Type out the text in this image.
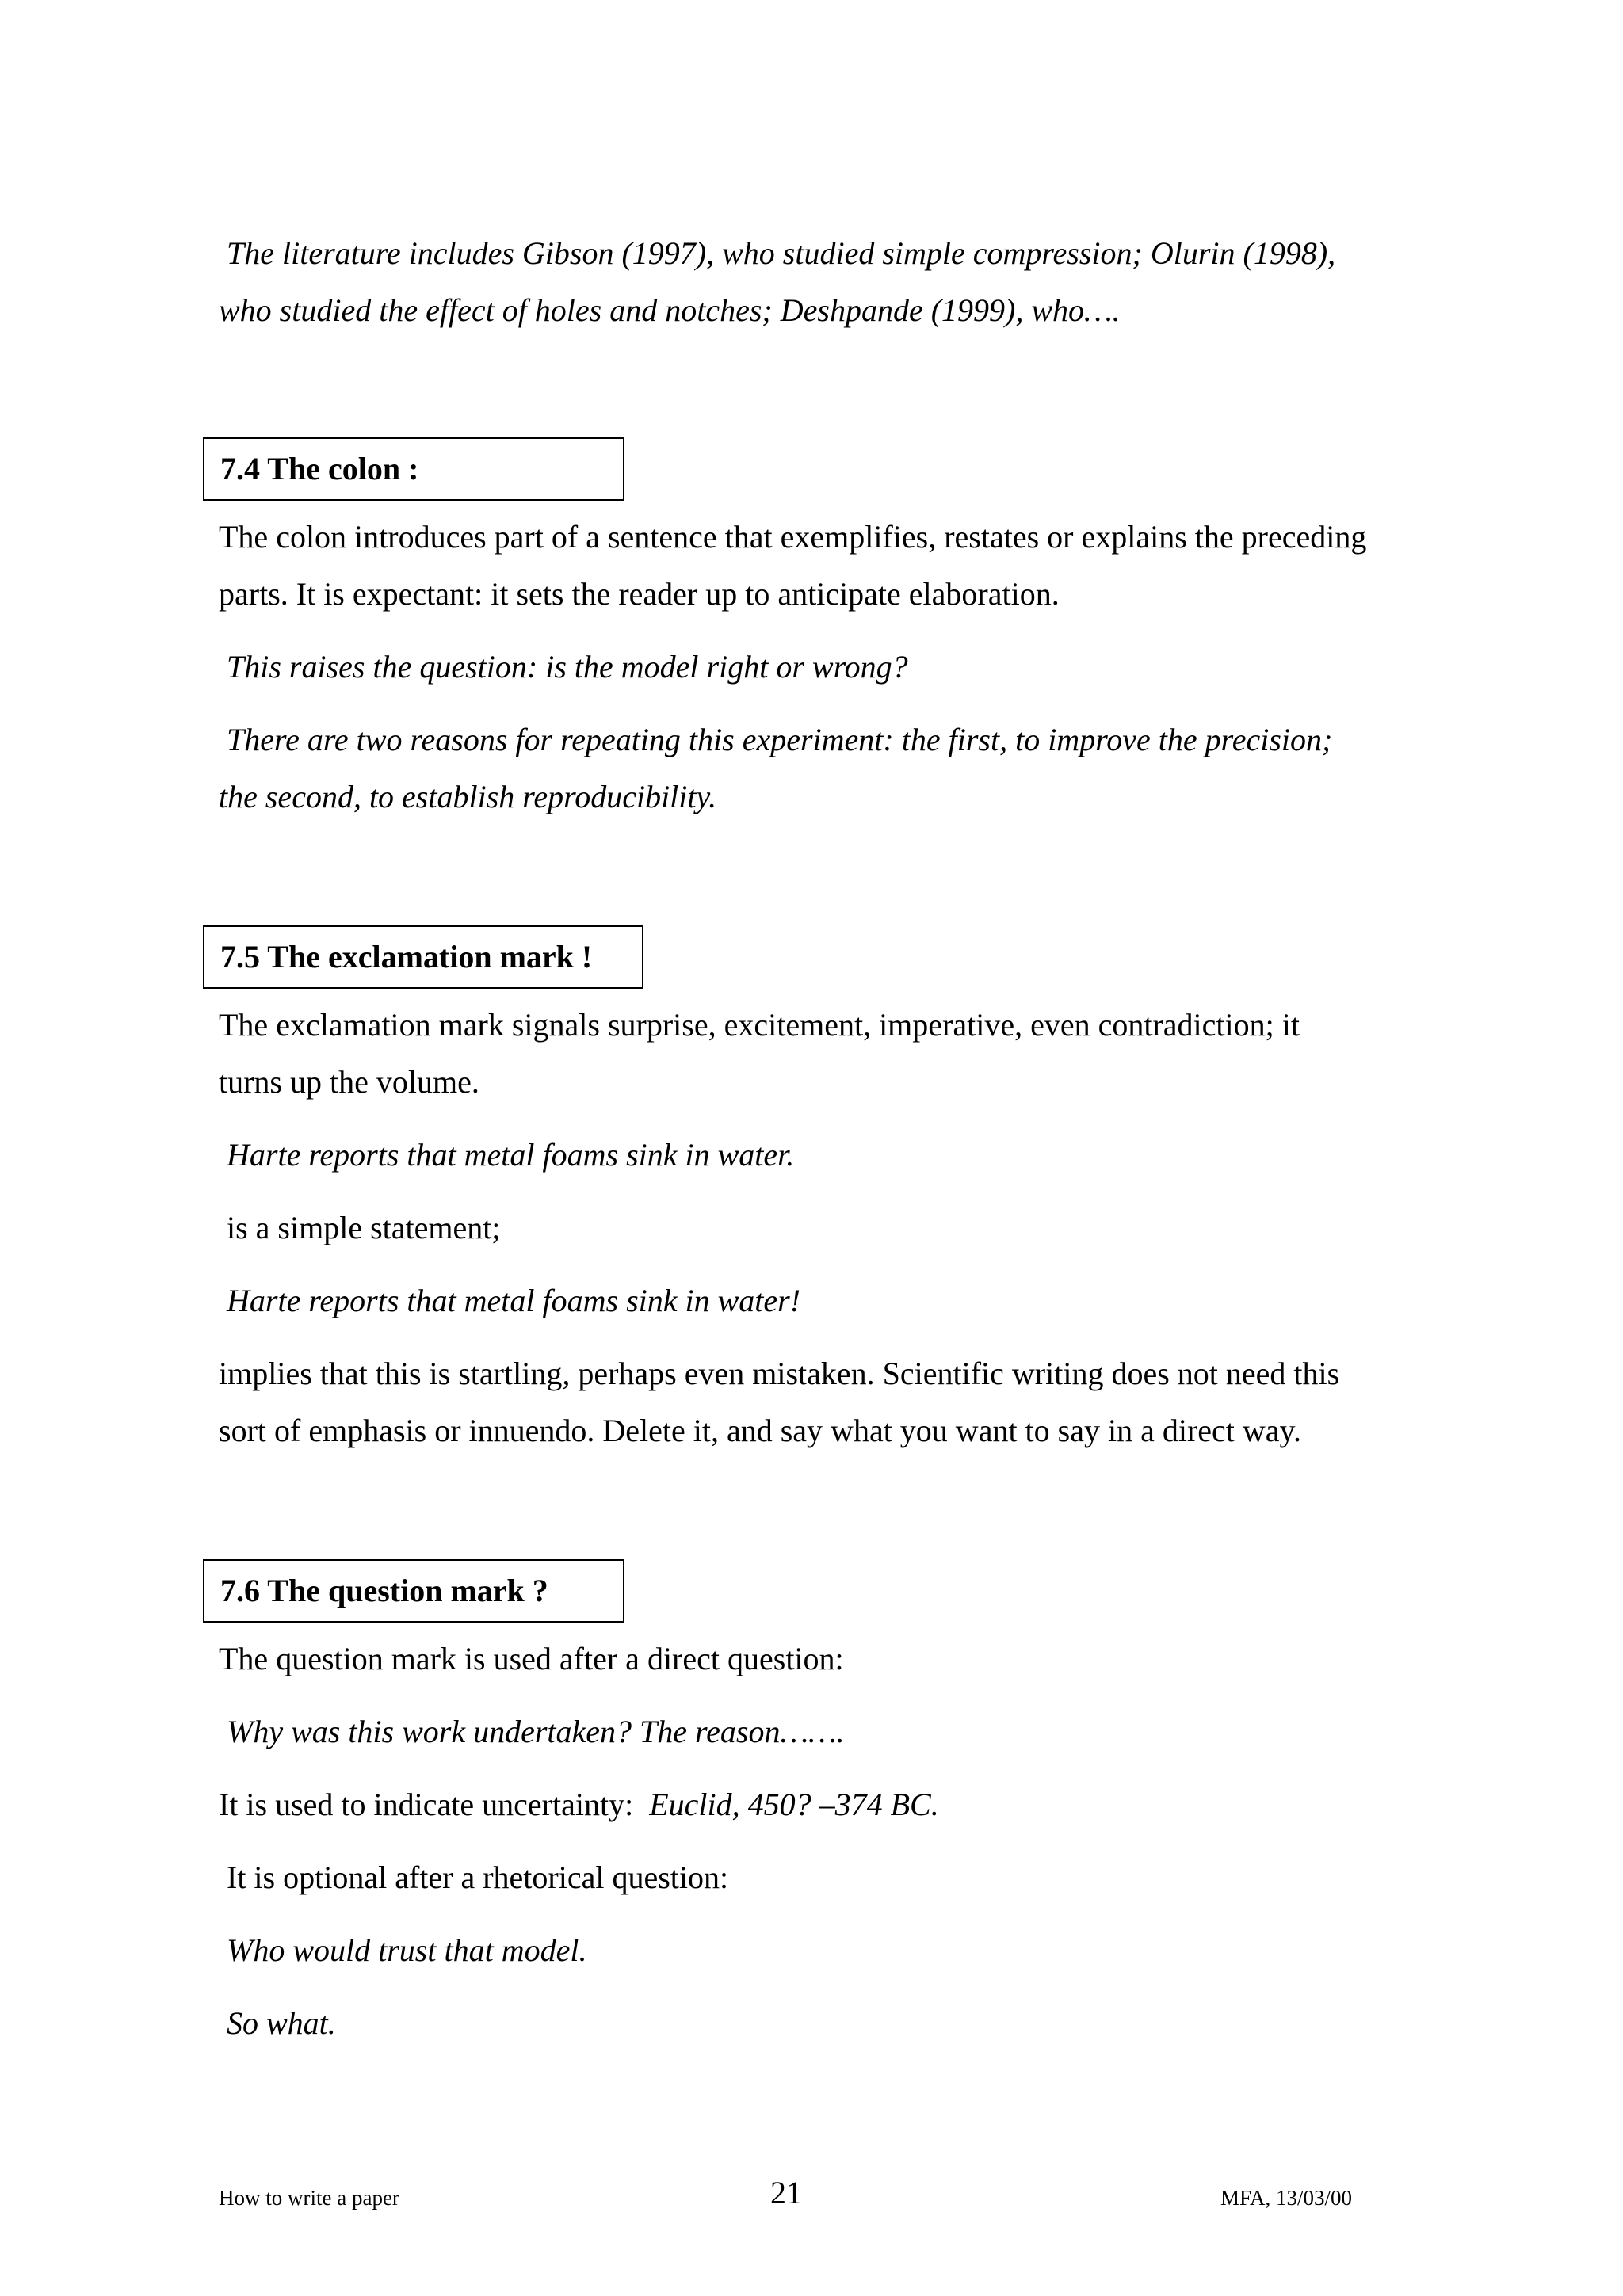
The literature includes Gibson (1997), who studied simple compression; Olurin (1998),

who studied the effect of holes and notches; Deshpande (1999), who….

7.4 The colon :

The colon introduces part of a sentence that exemplifies, restates or explains the preceding

parts. It is expectant: it sets the reader up to anticipate elaboration.

This raises the question: is the model right or wrong?

There are two reasons for repeating this experiment: the first, to improve the precision;

the second, to establish reproducibility.

7.5 The exclamation mark !

The exclamation mark signals surprise, excitement, imperative, even contradiction; it

turns up the volume.

Harte reports that metal foams sink in water.

is a simple statement;

Harte reports that metal foams sink in water!

implies that this is startling, perhaps even mistaken. Scientific writing does not need this

sort of emphasis or innuendo. Delete it, and say what you want to say in a direct way.

7.6 The question mark ?

The question mark is used after a direct question:

Why was this work undertaken? The reason…….

It is used to indicate uncertainty:  Euclid, 450? –374 BC.

It is optional after a rhetorical question:

Who would trust that model.

So what.

How to write a paper	21	MFA, 13/03/00
